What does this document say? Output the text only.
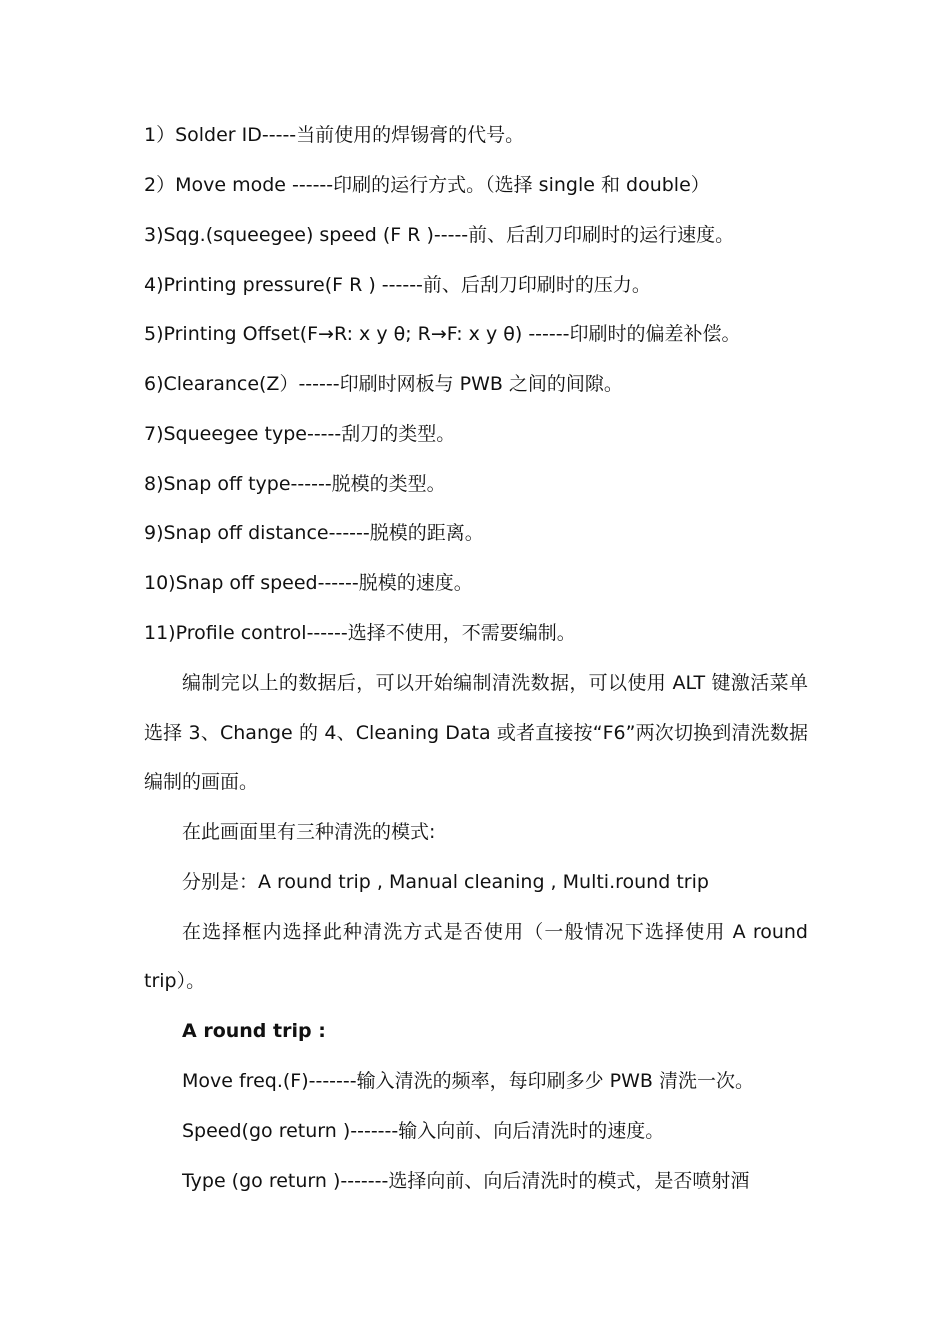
1）Solder ID-----当前使用的焊锡膏的代号。
2）Move mode ------印刷的运行方式。（选择 single 和 double）
3)Sqg.(squeegee) speed (F R )-----前、后刮刀印刷时的运行速度。
4)Printing pressure(F R ) ------前、后刮刀印刷时的压力。
5)Printing Offset(F→R: x y θ; R→F: x y θ) ------印刷时的偏差补偿。
6)Clearance(Z）------印刷时网板与 PWB 之间的间隙。
7)Squeegee type-----刮刀的类型。
8)Snap off type------脱模的类型。
9)Snap off distance------脱模的距离。
10)Snap off speed------脱模的速度。
11)Profile control------选择不使用，不需要编制。
编制完以上的数据后，可以开始编制清洗数据，可以使用 ALT 键激活菜单
选择 3、Change 的 4、Cleaning Data 或者直接按“F6”两次切换到清洗数据
编制的画面。
在此画面里有三种清洗的模式:
分别是：A round trip , Manual cleaning , Multi.round trip
在选择框内选择此种清洗方式是否使用（一般情况下选择使用 A round
trip）。
A round trip :
Move freq.(F)-------输入清洗的频率，每印刷多少 PWB 清洗一次。
Speed(go return )-------输入向前、向后清洗时的速度。
Type (go return )-------选择向前、向后清洗时的模式，是否喷射酒
